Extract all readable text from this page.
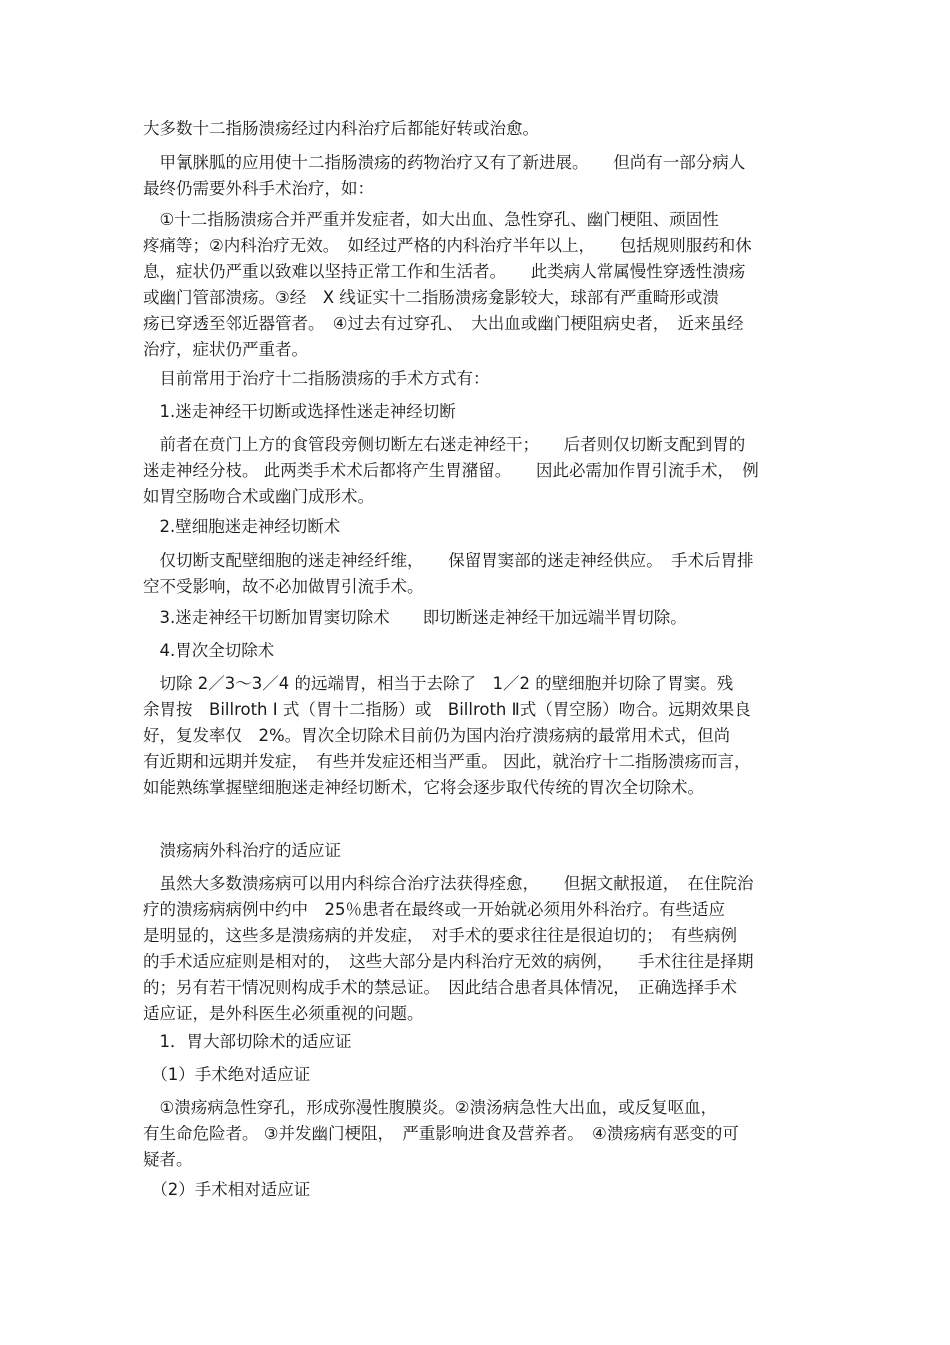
大多数十二指肠溃疡经过内科治疗后都能好转或治愈。
　甲氰脒胍的应用使十二指肠溃疡的药物治疗又有了新进展。　　但尚有一部分病人
最终仍需要外科手术治疗，如：
　①十二指肠溃疡合并严重并发症者，如大出血、急性穿孔、幽门梗阻、顽固性
疼痛等；②内科治疗无效。　如经过严格的内科治疗半年以上，　　包括规则服药和休
息，症状仍严重以致难以坚持正常工作和生活者。　　此类病人常属慢性穿透性溃疡
或幽门管部溃疡。③经　X 线证实十二指肠溃疡龛影较大，球部有严重畸形或溃
疡已穿透至邻近器管者。　④过去有过穿孔、　大出血或幽门梗阻病史者，　近来虽经
治疗，症状仍严重者。
　目前常用于治疗十二指肠溃疡的手术方式有：
　1.迷走神经干切断或选择性迷走神经切断
　前者在贲门上方的食管段旁侧切断左右迷走神经干；　　后者则仅切断支配到胃的
迷走神经分枝。 此两类手术术后都将产生胃潴留。　　因此必需加作胃引流手术，　例
如胃空肠吻合术或幽门成形术。
　2.壁细胞迷走神经切断术
　仅切断支配壁细胞的迷走神经纤维，　　保留胃窦部的迷走神经供应。　手术后胃排
空不受影响，故不必加做胃引流手术。
　3.迷走神经干切断加胃窦切除术　　即切断迷走神经干加远端半胃切除。
　4.胃次全切除术
　切除 2／3～3／4 的远端胃，相当于去除了　1／2 的壁细胞并切除了胃窦。残
余胃按　Billroth Ⅰ 式（胃十二指肠）或　Billroth Ⅱ式（胃空肠）吻合。远期效果良
好，复发率仅　2%。胃次全切除术目前仍为国内治疗溃疡病的最常用术式，但尚
有近期和远期并发症，　有些并发症还相当严重。 因此，就治疗十二指肠溃疡而言，
如能熟练掌握壁细胞迷走神经切断术，它将会逐步取代传统的胃次全切除术。
　溃疡病外科治疗的适应证
　虽然大多数溃疡病可以用内科综合治疗法获得痊愈，　　但据文献报道，　在住院治
疗的溃疡病病例中约中　25％患者在最终或一开始就必须用外科治疗。有些适应
是明显的，这些多是溃疡病的并发症，　对手术的要求往往是很迫切的；　有些病例
的手术适应症则是相对的，　这些大部分是内科治疗无效的病例，　　手术往往是择期
的；另有若干情况则构成手术的禁忌证。　因此结合患者具体情况，　正确选择手术
适应证，是外科医生必须重视的问题。
　1．胃大部切除术的适应证
　（1）手术绝对适应证
　①溃疡病急性穿孔，形成弥漫性腹膜炎。②溃汤病急性大出血，或反复呕血，
有生命危险者。 ③并发幽门梗阻，　严重影响进食及营养者。　④溃疡病有恶变的可
疑者。
　（2）手术相对适应证
